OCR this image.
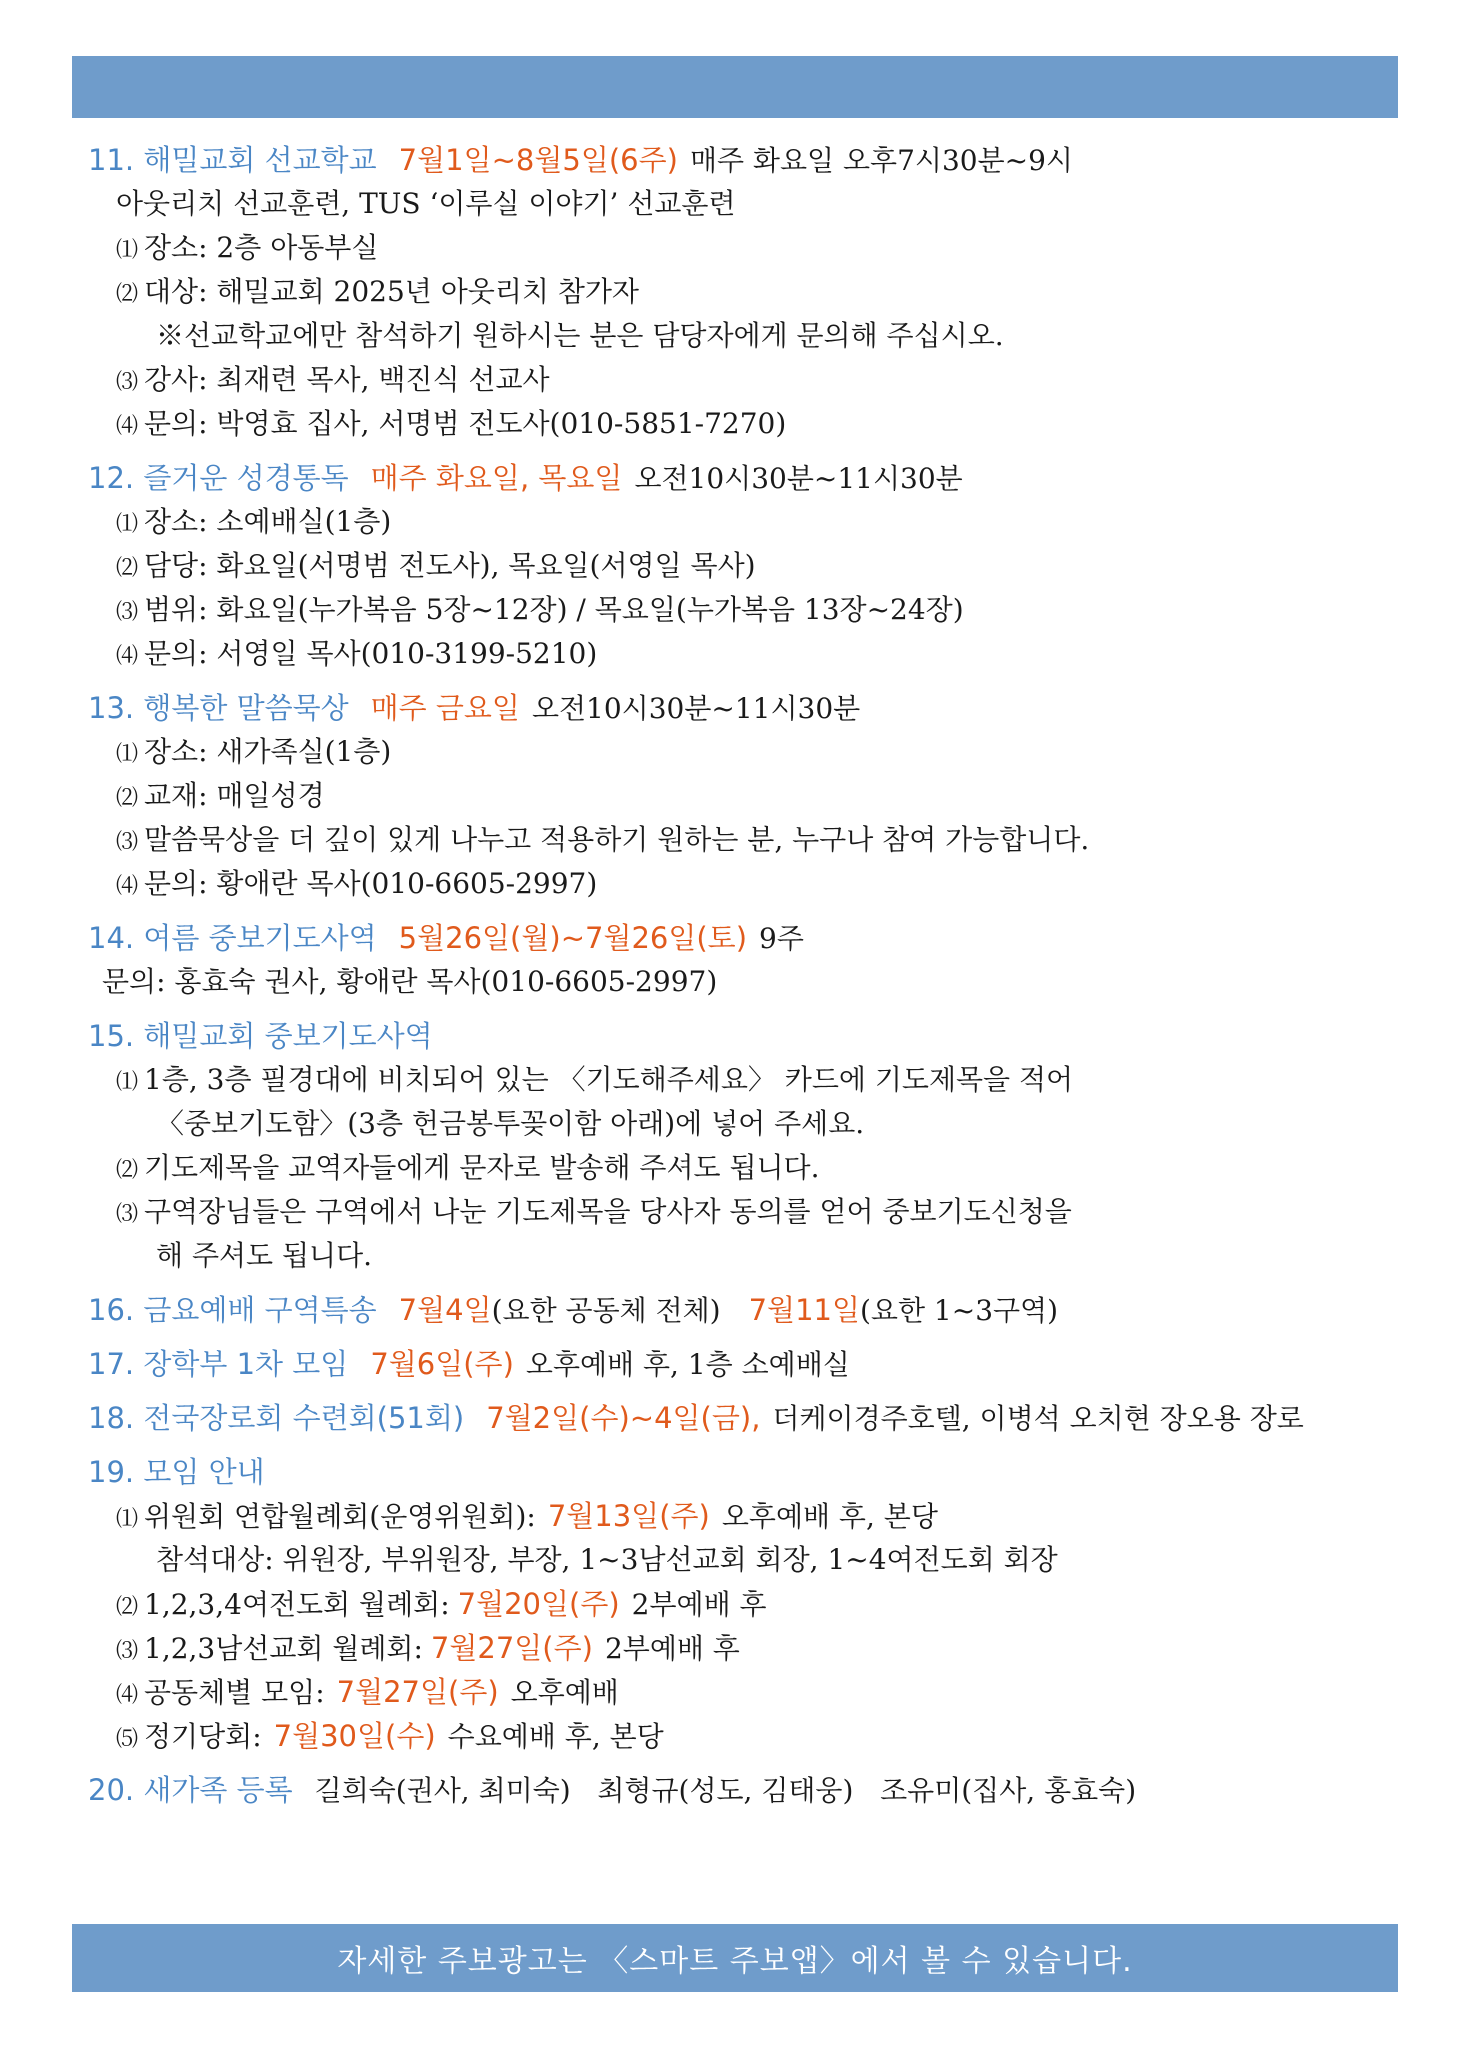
11. 해밀교회 선교학교 7월1일~8월5일(6주) 매주 화요일 오후7시30분~9시
아웃리치 선교훈련, TUS ‘이루실 이야기’ 선교훈련
⑴ 장소: 2층 아동부실
⑵ 대상: 해밀교회 2025년 아웃리치 참가자
※선교학교에만 참석하기 원하시는 분은 담당자에게 문의해 주십시오.
⑶ 강사: 최재련 목사, 백진식 선교사
⑷ 문의: 박영효 집사, 서명범 전도사(010-5851-7270)
12. 즐거운 성경통독 매주 화요일, 목요일 오전10시30분~11시30분
⑴ 장소: 소예배실(1층)
⑵ 담당: 화요일(서명범 전도사), 목요일(서영일 목사)
⑶ 범위: 화요일(누가복음 5장~12장) / 목요일(누가복음 13장~24장)
⑷ 문의: 서영일 목사(010-3199-5210)
13. 행복한 말씀묵상 매주 금요일 오전10시30분~11시30분
⑴ 장소: 새가족실(1층)
⑵ 교재: 매일성경
⑶ 말씀묵상을 더 깊이 있게 나누고 적용하기 원하는 분, 누구나 참여 가능합니다.
⑷ 문의: 황애란 목사(010-6605-2997)
14. 여름 중보기도사역 5월26일(월)~7월26일(토) 9주
문의: 홍효숙 권사, 황애란 목사(010-6605-2997)
15. 해밀교회 중보기도사역
⑴ 1층, 3층 필경대에 비치되어 있는 〈기도해주세요〉 카드에 기도제목을 적어
〈중보기도함〉(3층 헌금봉투꽂이함 아래)에 넣어 주세요.
⑵ 기도제목을 교역자들에게 문자로 발송해 주셔도 됩니다.
⑶ 구역장님들은 구역에서 나눈 기도제목을 당사자 동의를 얻어 중보기도신청을
해 주셔도 됩니다.
16. 금요예배 구역특송 7월4일(요한 공동체 전체) 7월11일(요한 1~3구역)
17. 장학부 1차 모임 7월6일(주) 오후예배 후, 1층 소예배실
18. 전국장로회 수련회(51회) 7월2일(수)~4일(금), 더케이경주호텔, 이병석 오치현 장오용 장로
19. 모임 안내
⑴ 위원회 연합월례회(운영위원회): 7월13일(주) 오후예배 후, 본당
참석대상: 위원장, 부위원장, 부장, 1~3남선교회 회장, 1~4여전도회 회장
⑵ 1,2,3,4여전도회 월례회: 7월20일(주) 2부예배 후
⑶ 1,2,3남선교회 월례회: 7월27일(주) 2부예배 후
⑷ 공동체별 모임: 7월27일(주) 오후예배
⑸ 정기당회: 7월30일(수) 수요예배 후, 본당
20. 새가족 등록 길희숙(권사, 최미숙)   최형규(성도, 김태웅)   조유미(집사, 홍효숙)
자세한 주보광고는 〈스마트 주보앱〉에서 볼 수 있습니다.
